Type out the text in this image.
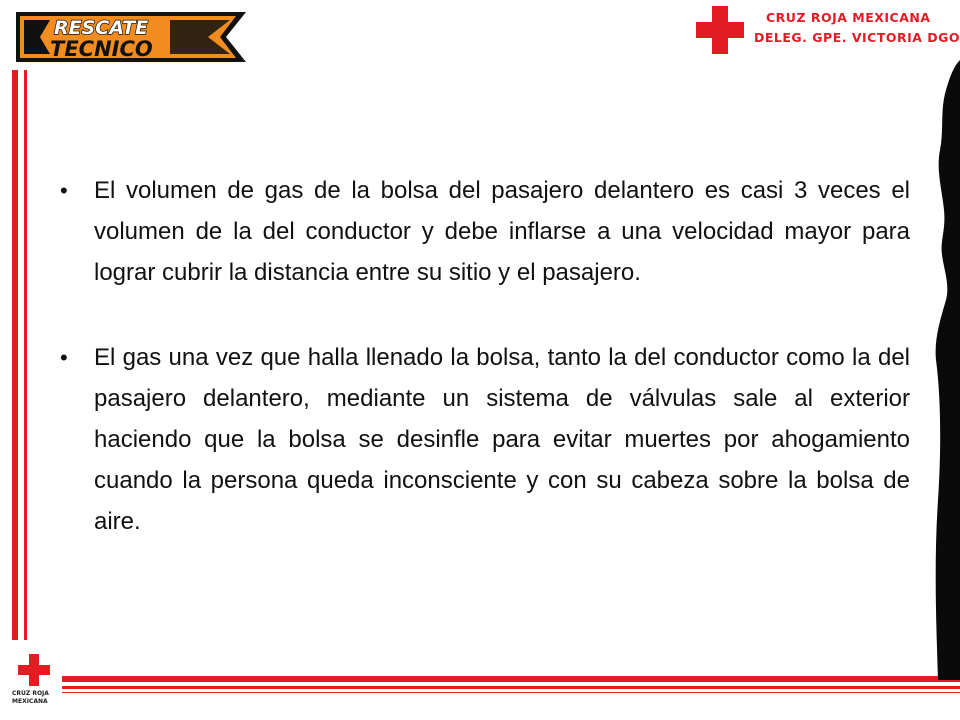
RESCATE
TECNICO
CRUZ ROJA MEXICANA
DELEG. GPE. VICTORIA DGO
CRUZ ROJA
MEXICANA
• El volumen de gas de la bolsa del pasajero delantero es casi 3 veces el volumen de la del conductor y debe inflarse a una velocidad mayor para lograr cubrir la distancia entre su sitio y el pasajero.
• El gas una vez que halla llenado la bolsa, tanto la del conductor como la del pasajero delantero, mediante un sistema de válvulas sale al exterior haciendo que la bolsa se desinfle para evitar muertes por ahogamiento cuando la persona queda inconsciente y con su cabeza sobre la bolsa de aire.
